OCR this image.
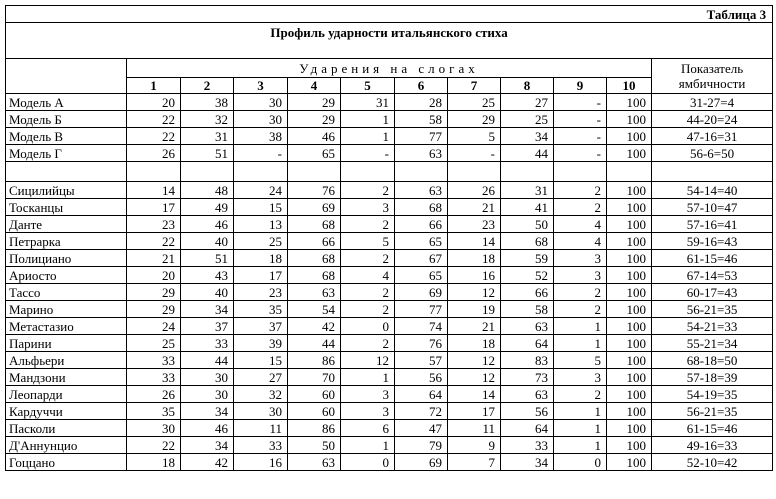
Таблица 3											
Профиль ударности итальянского стиха											
	Ударения на слогах										Показатель
ямбичности
	1	2	3	4	5	6	7	8	9	10	
Модель А	20	38	30	29	31	28	25	27	-	100	31-27=4
Модель Б	22	32	30	29	1	58	29	25	-	100	44-20=24
Модель В	22	31	38	46	1	77	5	34	-	100	47-16=31
Модель Г	26	51	-	65	-	63	-	44	-	100	56-6=50

Сицилийцы	14	48	24	76	2	63	26	31	2	100	54-14=40
Тосканцы	17	49	15	69	3	68	21	41	2	100	57-10=47
Данте	23	46	13	68	2	66	23	50	4	100	57-16=41
Петрарка	22	40	25	66	5	65	14	68	4	100	59-16=43
Полициано	21	51	18	68	2	67	18	59	3	100	61-15=46
Ариосто	20	43	17	68	4	65	16	52	3	100	67-14=53
Тассо	29	40	23	63	2	69	12	66	2	100	60-17=43
Марино	29	34	35	54	2	77	19	58	2	100	56-21=35
Метастазио	24	37	37	42	0	74	21	63	1	100	54-21=33
Парини	25	33	39	44	2	76	18	64	1	100	55-21=34
Альфьери	33	44	15	86	12	57	12	83	5	100	68-18=50
Мандзони	33	30	27	70	1	56	12	73	3	100	57-18=39
Леопарди	26	30	32	60	3	64	14	63	2	100	54-19=35
Кардуччи	35	34	30	60	3	72	17	56	1	100	56-21=35
Пасколи	30	46	11	86	6	47	11	64	1	100	61-15=46
Д'Аннунцио	22	34	33	50	1	79	9	33	1	100	49-16=33
Гоццано	18	42	16	63	0	69	7	34	0	100	52-10=42
